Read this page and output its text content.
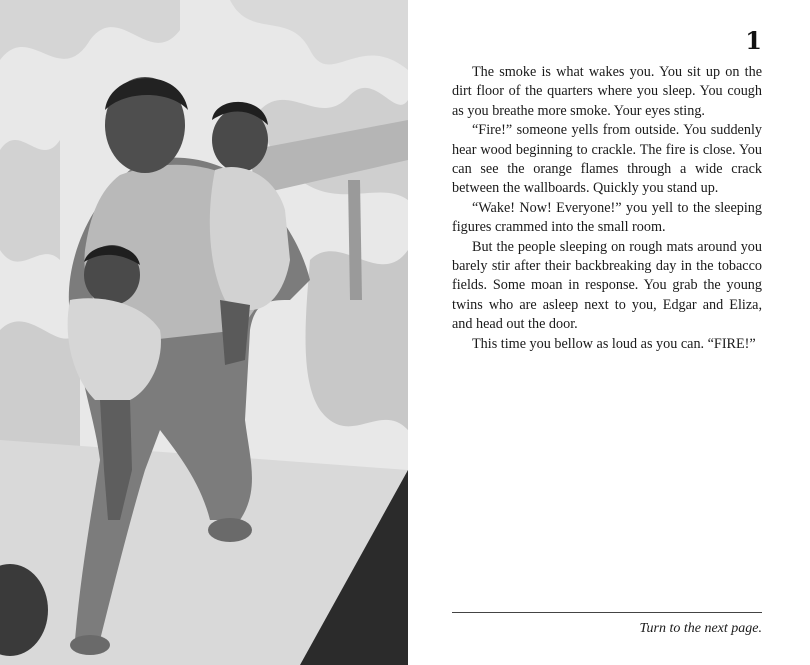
1

The smoke is what wakes you. You sit up on the dirt floor of the quarters where you sleep. You cough as you breathe more smoke. Your eyes sting.

“Fire!” someone yells from outside. You suddenly hear wood beginning to crackle. The fire is close. You can see the orange flames through a wide crack between the wallboards. Quickly you stand up.

“Wake! Now! Everyone!” you yell to the sleeping figures crammed into the small room.

But the people sleeping on rough mats around you barely stir after their backbreaking day in the tobacco fields. Some moan in response. You grab the young twins who are asleep next to you, Edgar and Eliza, and head out the door.

This time you bellow as loud as you can. “FIRE!”

Turn to the next page.
